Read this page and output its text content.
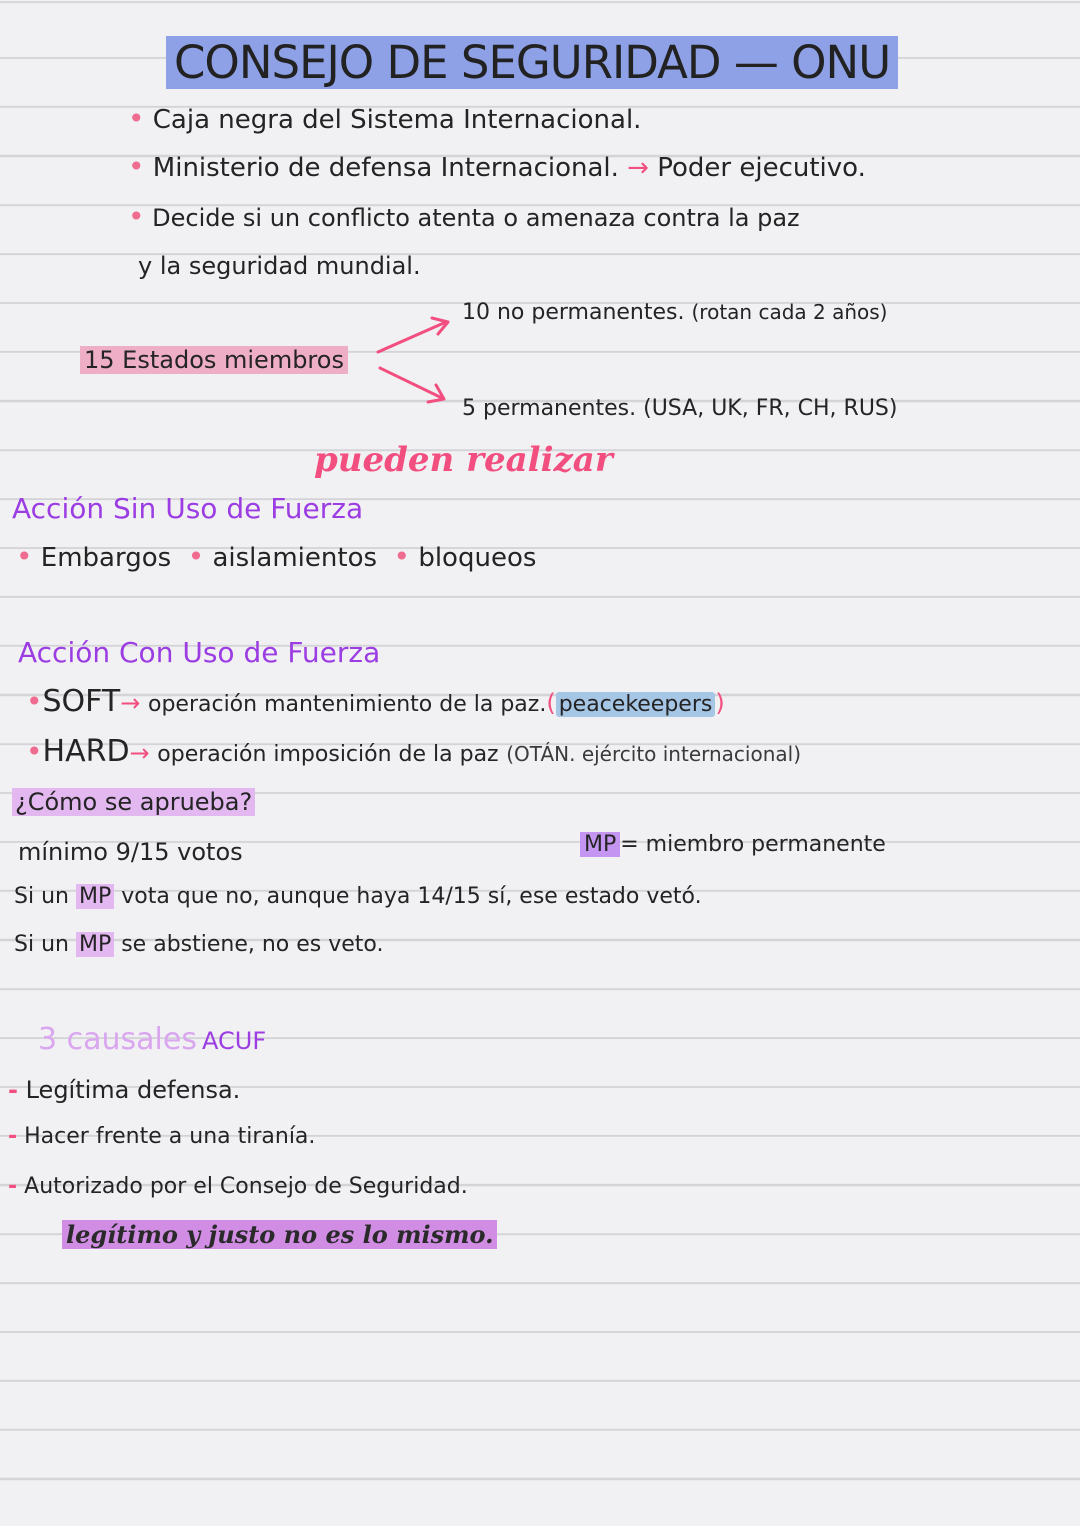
CONSEJO DE SEGURIDAD — ONU
• Caja negra del Sistema Internacional.
• Ministerio de defensa Internacional. → Poder ejecutivo.
• Decide si un conflicto atenta o amenaza contra la paz
y la seguridad mundial.
15 Estados miembros
10 no permanentes. (rotan cada 2 años)
5 permanentes. (USA, UK, FR, CH, RUS)
pueden realizar
Acción Sin Uso de Fuerza
• Embargos • aislamientos • bloqueos
Acción Con Uso de Fuerza
•SOFT→ operación mantenimiento de la paz.( peacekeepers )
•HARD→ operación imposición de la paz (OTÁN. ejército internacional)
¿Cómo se aprueba?
mínimo 9/15 votos	MP = miembro permanente
Si un MP vota que no, aunque haya 14/15 sí, ese estado vetó.
Si un MP se abstiene, no es veto.
3 causales ACUF
- Legítima defensa.
- Hacer frente a una tiranía.
- Autorizado por el Consejo de Seguridad.
legítimo y justo no es lo mismo.
